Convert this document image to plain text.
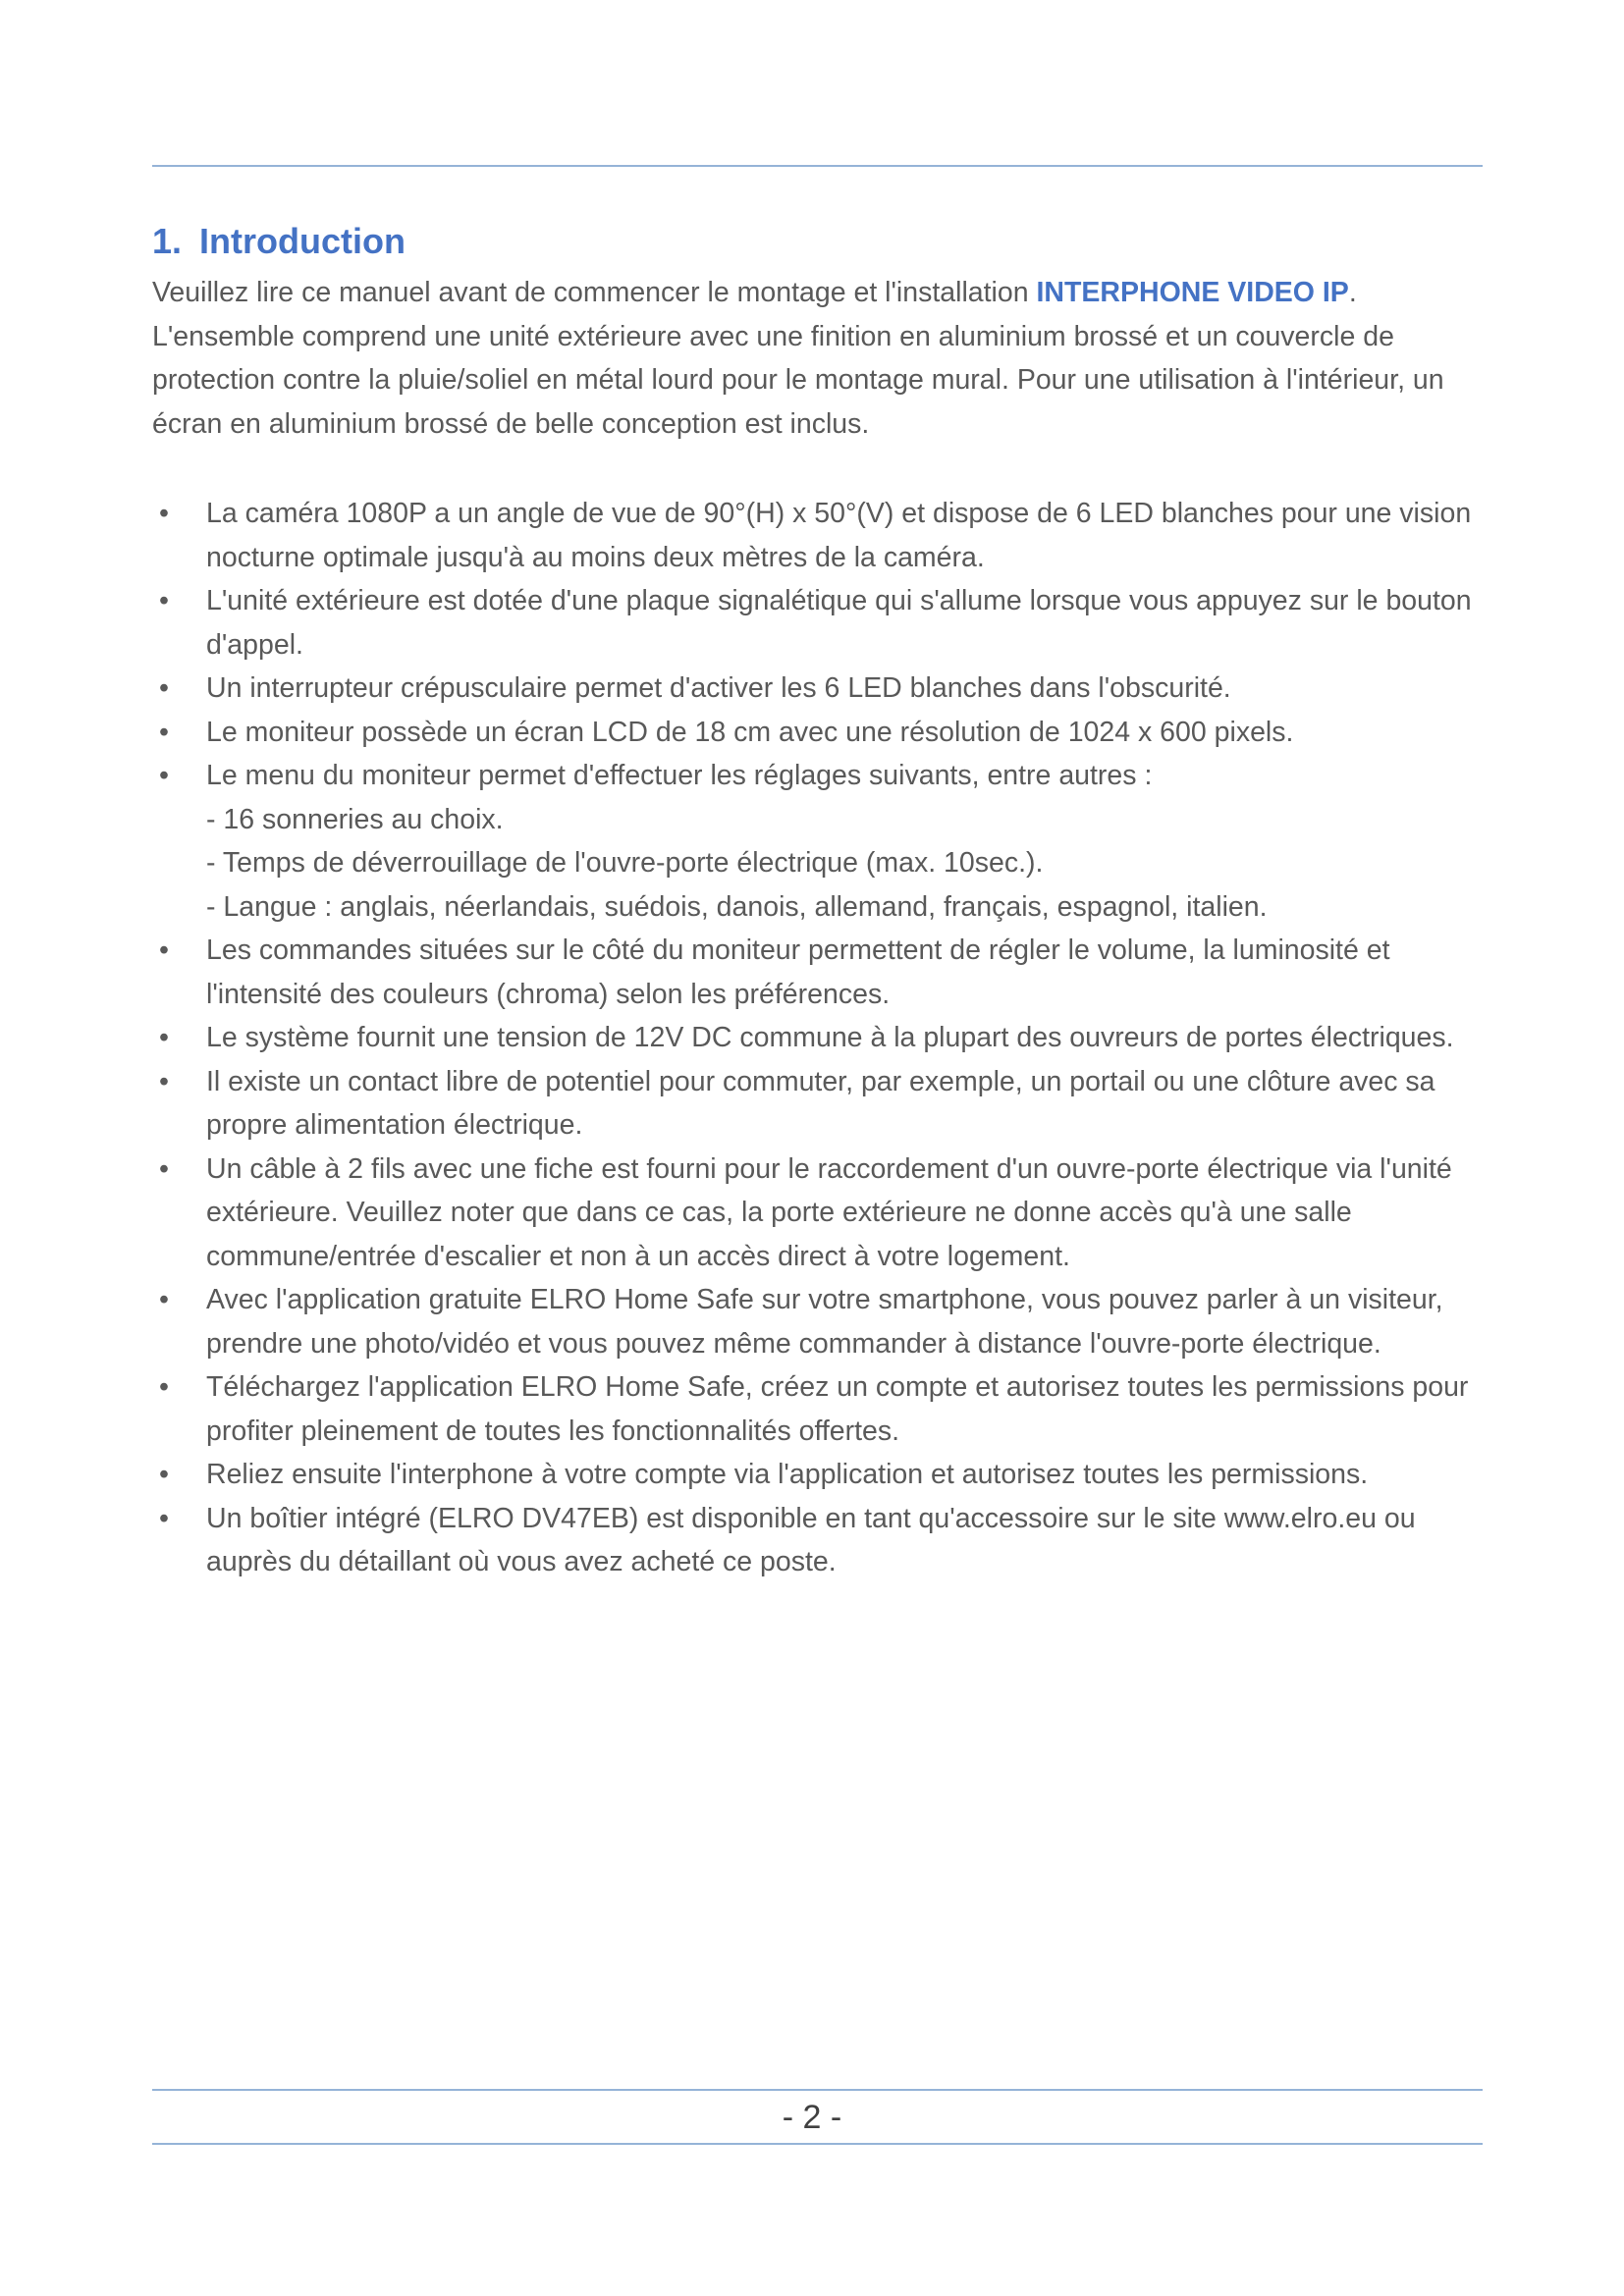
1. Introduction

Veuillez lire ce manuel avant de commencer le montage et l'installation INTERPHONE VIDEO IP. L'ensemble comprend une unité extérieure avec une finition en aluminium brossé et un couvercle de protection contre la pluie/soliel en métal lourd pour le montage mural. Pour une utilisation à l'intérieur, un écran en aluminium brossé de belle conception est inclus.

• La caméra 1080P a un angle de vue de 90°(H) x 50°(V) et dispose de 6 LED blanches pour une vision nocturne optimale jusqu'à au moins deux mètres de la caméra.
• L'unité extérieure est dotée d'une plaque signalétique qui s'allume lorsque vous appuyez sur le bouton d'appel.
• Un interrupteur crépusculaire permet d'activer les 6 LED blanches dans l'obscurité.
• Le moniteur possède un écran LCD de 18 cm avec une résolution de 1024 x 600 pixels.
• Le menu du moniteur permet d'effectuer les réglages suivants, entre autres :
- 16 sonneries au choix.
- Temps de déverrouillage de l'ouvre-porte électrique (max. 10sec.).
- Langue : anglais, néerlandais, suédois, danois, allemand, français, espagnol, italien.
• Les commandes situées sur le côté du moniteur permettent de régler le volume, la luminosité et l'intensité des couleurs (chroma) selon les préférences.
• Le système fournit une tension de 12V DC commune à la plupart des ouvreurs de portes électriques.
• Il existe un contact libre de potentiel pour commuter, par exemple, un portail ou une clôture avec sa propre alimentation électrique.
• Un câble à 2 fils avec une fiche est fourni pour le raccordement d'un ouvre-porte électrique via l'unité extérieure. Veuillez noter que dans ce cas, la porte extérieure ne donne accès qu'à une salle commune/entrée d'escalier et non à un accès direct à votre logement.
• Avec l'application gratuite ELRO Home Safe sur votre smartphone, vous pouvez parler à un visiteur, prendre une photo/vidéo et vous pouvez même commander à distance l'ouvre-porte électrique.
• Téléchargez l'application ELRO Home Safe, créez un compte et autorisez toutes les permissions pour profiter pleinement de toutes les fonctionnalités offertes.
• Reliez ensuite l'interphone à votre compte via l'application et autorisez toutes les permissions.
• Un boîtier intégré (ELRO DV47EB) est disponible en tant qu'accessoire sur le site www.elro.eu ou auprès du détaillant où vous avez acheté ce poste.
- 2 -
